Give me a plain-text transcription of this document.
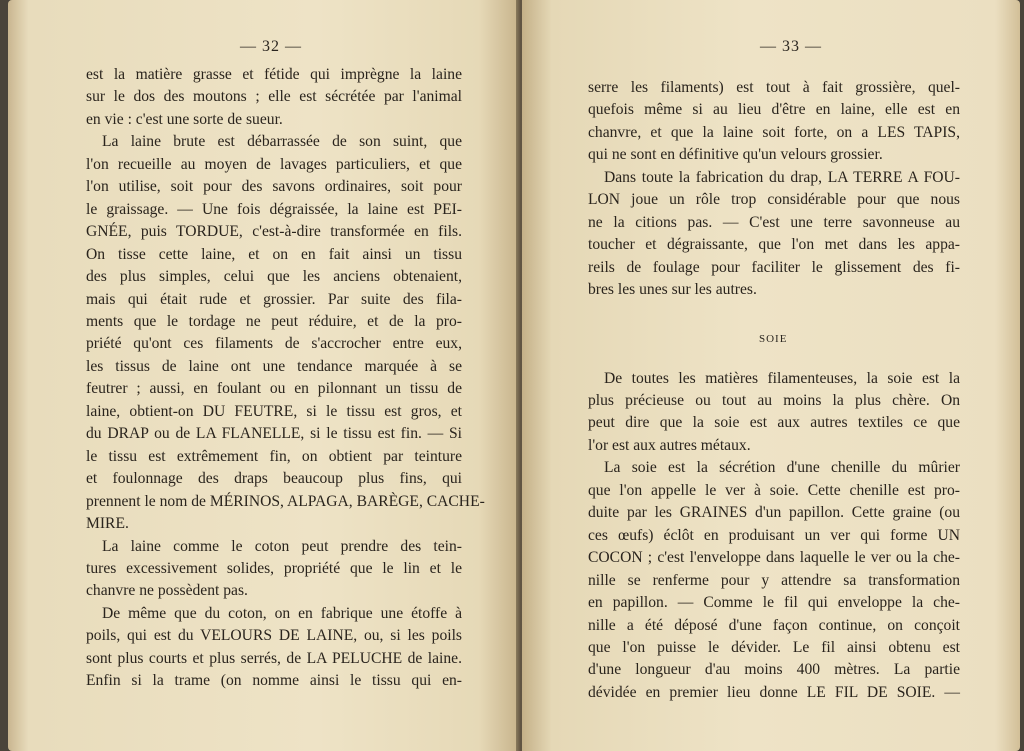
— 32 —
est la matière grasse et fétide qui imprègne la laine
sur le dos des moutons ; elle est sécrétée par l'animal
en vie : c'est une sorte de sueur.
La laine brute est débarrassée de son suint, que
l'on recueille au moyen de lavages particuliers, et que
l'on utilise, soit pour des savons ordinaires, soit pour
le graissage. — Une fois dégraissée, la laine est PEI-
GNÉE, puis TORDUE, c'est-à-dire transformée en fils.
On tisse cette laine, et on en fait ainsi un tissu
des plus simples, celui que les anciens obtenaient,
mais qui était rude et grossier. Par suite des fila-
ments que le tordage ne peut réduire, et de la pro-
priété qu'ont ces filaments de s'accrocher entre eux,
les tissus de laine ont une tendance marquée à se
feutrer ; aussi, en foulant ou en pilonnant un tissu de
laine, obtient-on DU FEUTRE, si le tissu est gros, et
du DRAP ou de LA FLANELLE, si le tissu est fin. — Si
le tissu est extrêmement fin, on obtient par teinture
et foulonnage des draps beaucoup plus fins, qui
prennent le nom de MÉRINOS, ALPAGA, BARÈGE, CACHE-
MIRE.
La laine comme le coton peut prendre des tein-
tures excessivement solides, propriété que le lin et le
chanvre ne possèdent pas.
De même que du coton, on en fabrique une étoffe à
poils, qui est du VELOURS DE LAINE, ou, si les poils
sont plus courts et plus serrés, de LA PELUCHE de laine.
Enfin si la trame (on nomme ainsi le tissu qui en-
— 33 —
serre les filaments) est tout à fait grossière, quel-
quefois même si au lieu d'être en laine, elle est en
chanvre, et que la laine soit forte, on a LES TAPIS,
qui ne sont en définitive qu'un velours grossier.
Dans toute la fabrication du drap, LA TERRE A FOU-
LON joue un rôle trop considérable pour que nous
ne la citions pas. — C'est une terre savonneuse au
toucher et dégraissante, que l'on met dans les appa-
reils de foulage pour faciliter le glissement des fi-
bres les unes sur les autres.
De toutes les matières filamenteuses, la soie est la
plus précieuse ou tout au moins la plus chère. On
peut dire que la soie est aux autres textiles ce que
l'or est aux autres métaux.
La soie est la sécrétion d'une chenille du mûrier
que l'on appelle le ver à soie. Cette chenille est pro-
duite par les GRAINES d'un papillon. Cette graine (ou
ces œufs) éclôt en produisant un ver qui forme UN
COCON ; c'est l'enveloppe dans laquelle le ver ou la che-
nille se renferme pour y attendre sa transformation
en papillon. — Comme le fil qui enveloppe la che-
nille a été déposé d'une façon continue, on conçoit
que l'on puisse le dévider. Le fil ainsi obtenu est
d'une longueur d'au moins 400 mètres. La partie
dévidée en premier lieu donne LE FIL DE SOIE. —
SOIE
